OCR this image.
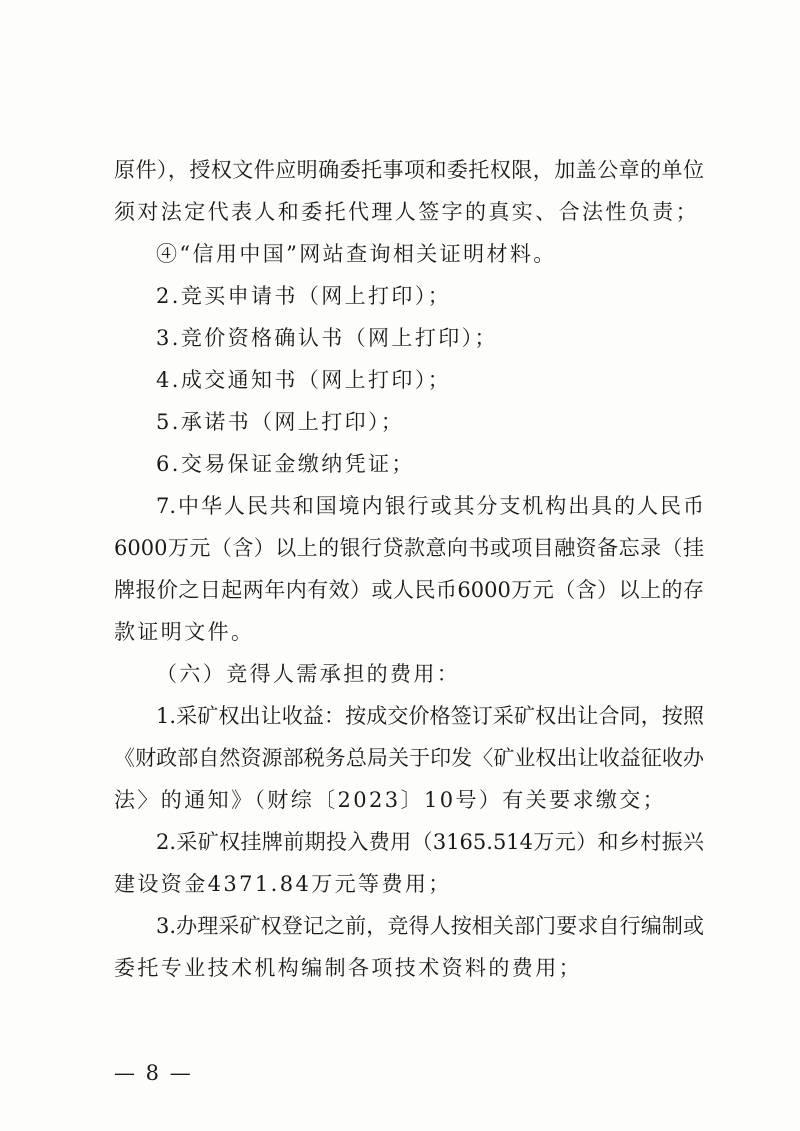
原件），授权文件应明确委托事项和委托权限，加盖公章的单位
须对法定代表人和委托代理人签字的真实、合法性负责；
④“信用中国”网站查询相关证明材料。
2.竞买申请书（网上打印）；
3.竞价资格确认书（网上打印）；
4.成交通知书（网上打印）；
5.承诺书（网上打印）；
6.交易保证金缴纳凭证；
7.中华人民共和国境内银行或其分支机构出具的人民币
6000万元（含）以上的银行贷款意向书或项目融资备忘录（挂
牌报价之日起两年内有效）或人民币6000万元（含）以上的存
款证明文件。
（六）竞得人需承担的费用：
1.采矿权出让收益：按成交价格签订采矿权出让合同，按照
《财政部自然资源部税务总局关于印发〈矿业权出让收益征收办
法〉的通知》（财综〔2023〕10号）有关要求缴交；
2.采矿权挂牌前期投入费用（3165.514万元）和乡村振兴
建设资金4371.84万元等费用；
3.办理采矿权登记之前，竞得人按相关部门要求自行编制或
委托专业技术机构编制各项技术资料的费用；
— 8 —
